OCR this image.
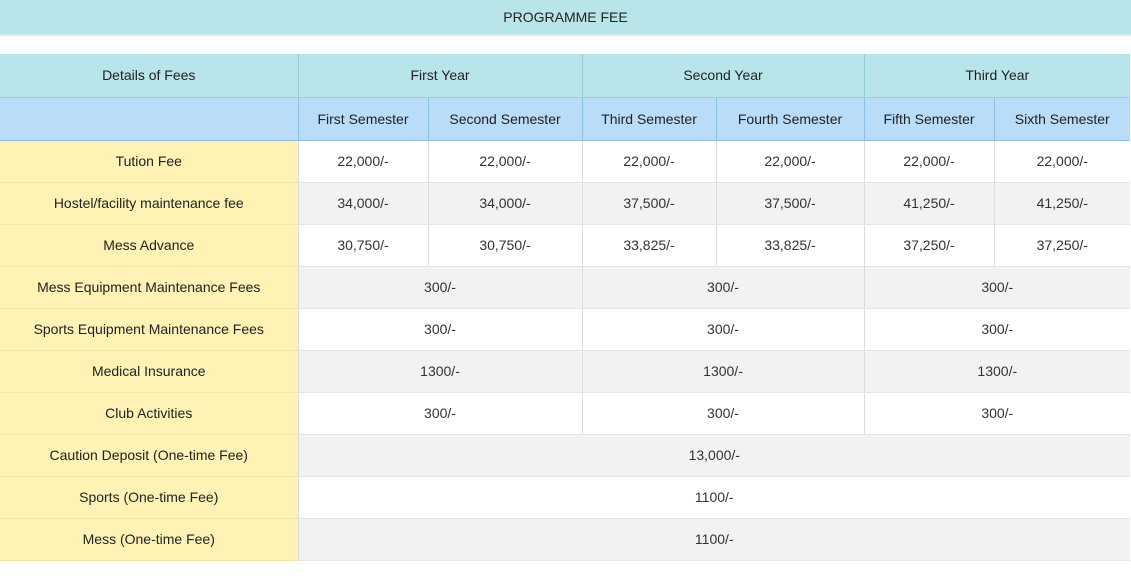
PROGRAMME FEE
Details of Fees	First Year		Second Year		Third Year	
	First Semester	Second Semester	Third Semester	Fourth Semester	Fifth Semester	Sixth Semester
Tution Fee	22,000/-	22,000/-	22,000/-	22,000/-	22,000/-	22,000/-
Hostel/facility maintenance fee	34,000/-	34,000/-	37,500/-	37,500/-	41,250/-	41,250/-
Mess Advance	30,750/-	30,750/-	33,825/-	33,825/-	37,250/-	37,250/-
Mess Equipment Maintenance Fees	300/-		300/-		300/-	
Sports Equipment Maintenance Fees	300/-		300/-		300/-	
Medical Insurance	1300/-		1300/-		1300/-	
Club Activities	300/-		300/-		300/-	
Caution Deposit (One-time Fee)	13,000/-					
Sports (One-time Fee)	1100/-					
Mess (One-time Fee)	1100/-					
